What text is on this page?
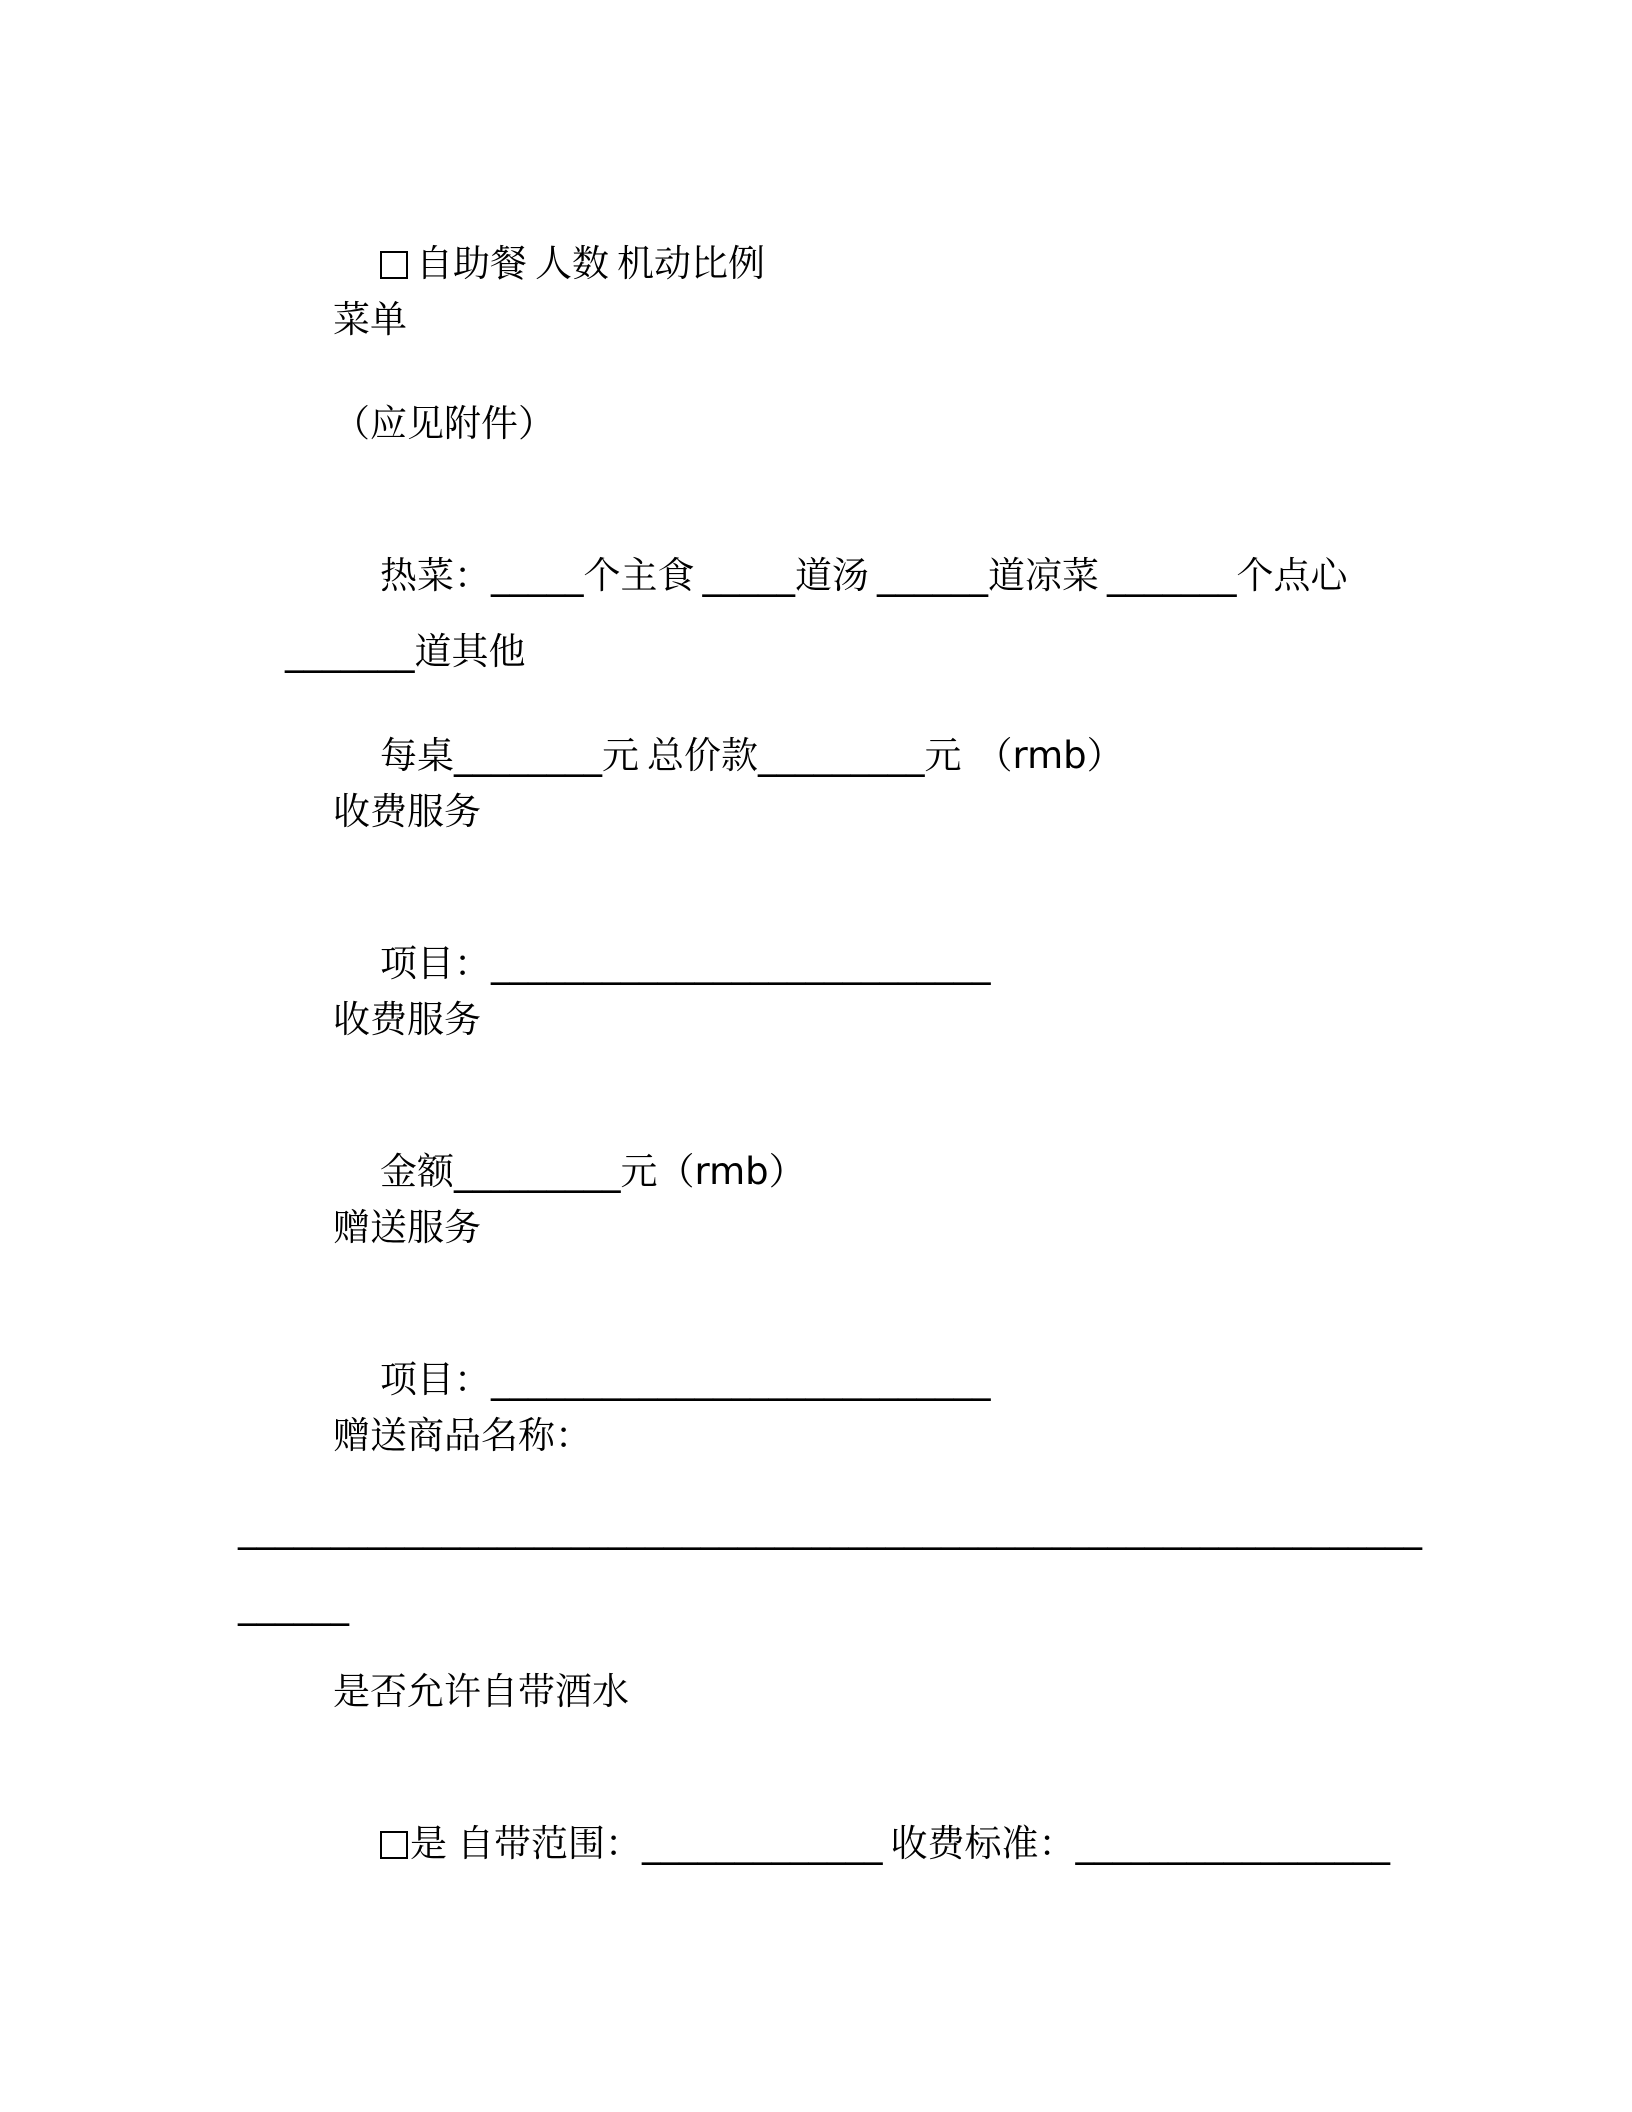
自助餐 人数 机动比例

菜单
（应见附件）

热菜：_____个主食 _____道汤 ______道凉菜 _______个点心

_______道其他

每桌________元 总价款_________元 （rmb）

收费服务

项目：___________________________

收费服务

金额_________元（rmb）

赠送服务

项目：___________________________

赠送商品名称：
________________________________________________________________
______
是否允许自带酒水

是 自带范围：_____________ 收费标准：_________________
